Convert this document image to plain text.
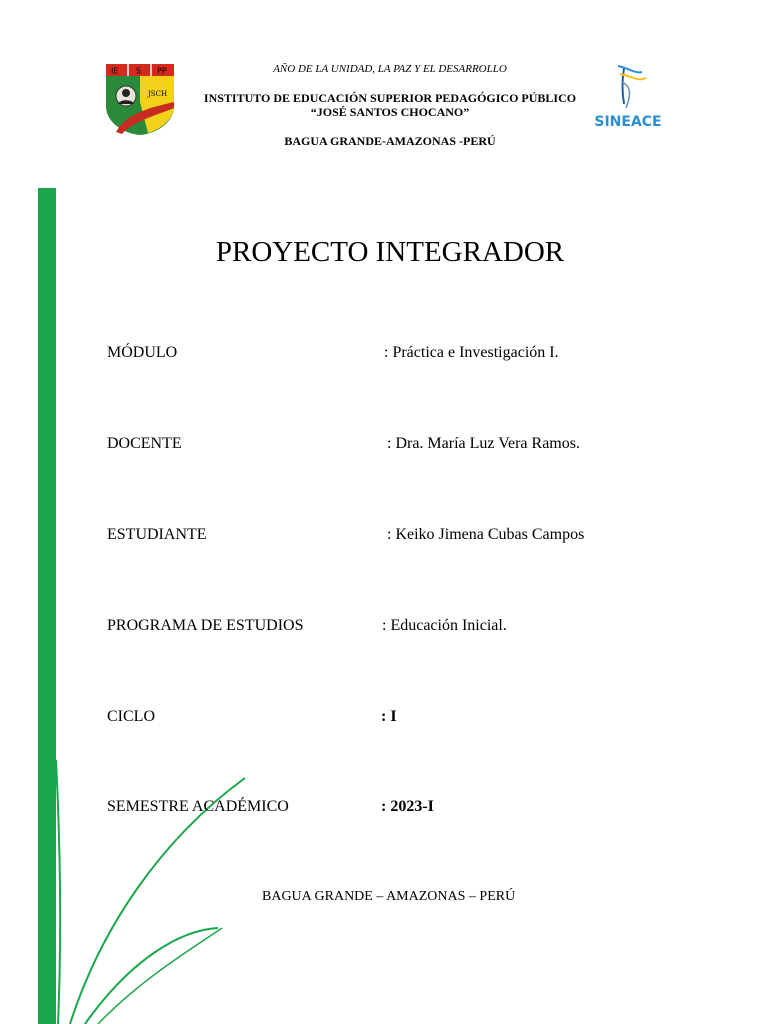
IE S PP
JSCH
SINEACE
AÑO DE LA UNIDAD, LA PAZ Y EL DESARROLLO
INSTITUTO DE EDUCACIÓN SUPERIOR PEDAGÓGICO PÚBLICO
“JOSÉ SANTOS CHOCANO”
BAGUA GRANDE-AMAZONAS -PERÚ
PROYECTO INTEGRADOR
MÓDULO	: Práctica e Investigación I.
DOCENTE	: Dra. María Luz Vera Ramos.
ESTUDIANTE	: Keiko Jimena Cubas Campos
PROGRAMA DE ESTUDIOS	: Educación Inicial.
CICLO	: I
SEMESTRE ACADÉMICO	: 2023-I
BAGUA GRANDE – AMAZONAS – PERÚ
